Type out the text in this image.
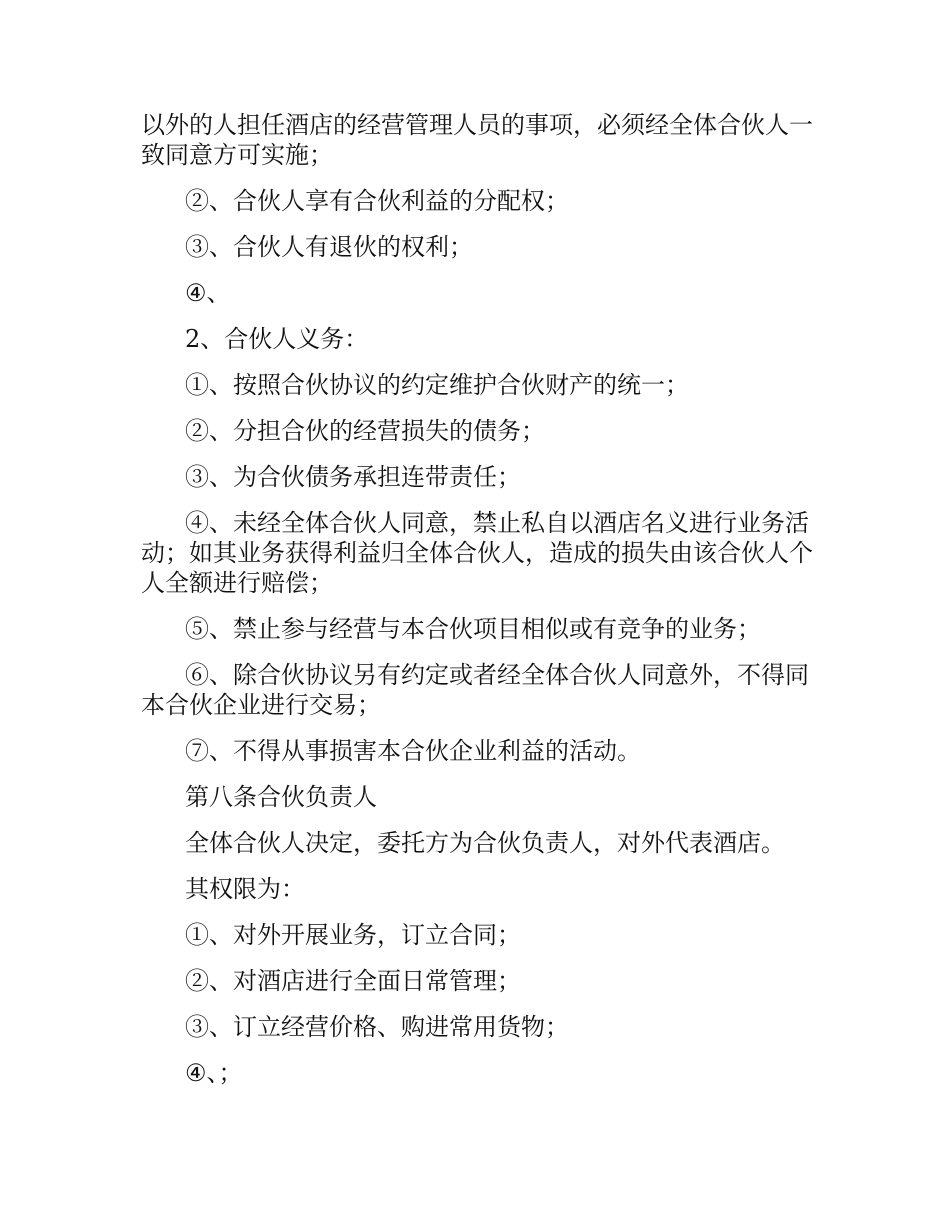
以外的人担任酒店的经营管理人员的事项，必须经全体合伙人一致同意方可实施；

②、合伙人享有合伙利益的分配权；

③、合伙人有退伙的权利；

④、

2、合伙人义务：

①、按照合伙协议的约定维护合伙财产的统一；

②、分担合伙的经营损失的债务；

③、为合伙债务承担连带责任；

④、未经全体合伙人同意，禁止私自以酒店名义进行业务活动；如其业务获得利益归全体合伙人，造成的损失由该合伙人个人全额进行赔偿；

⑤、禁止参与经营与本合伙项目相似或有竞争的业务；

⑥、除合伙协议另有约定或者经全体合伙人同意外，不得同本合伙企业进行交易；

⑦、不得从事损害本合伙企业利益的活动。

第八条合伙负责人

全体合伙人决定，委托方为合伙负责人，对外代表酒店。

其权限为：

①、对外开展业务，订立合同；

②、对酒店进行全面日常管理；

③、订立经营价格、购进常用货物；

④、；
